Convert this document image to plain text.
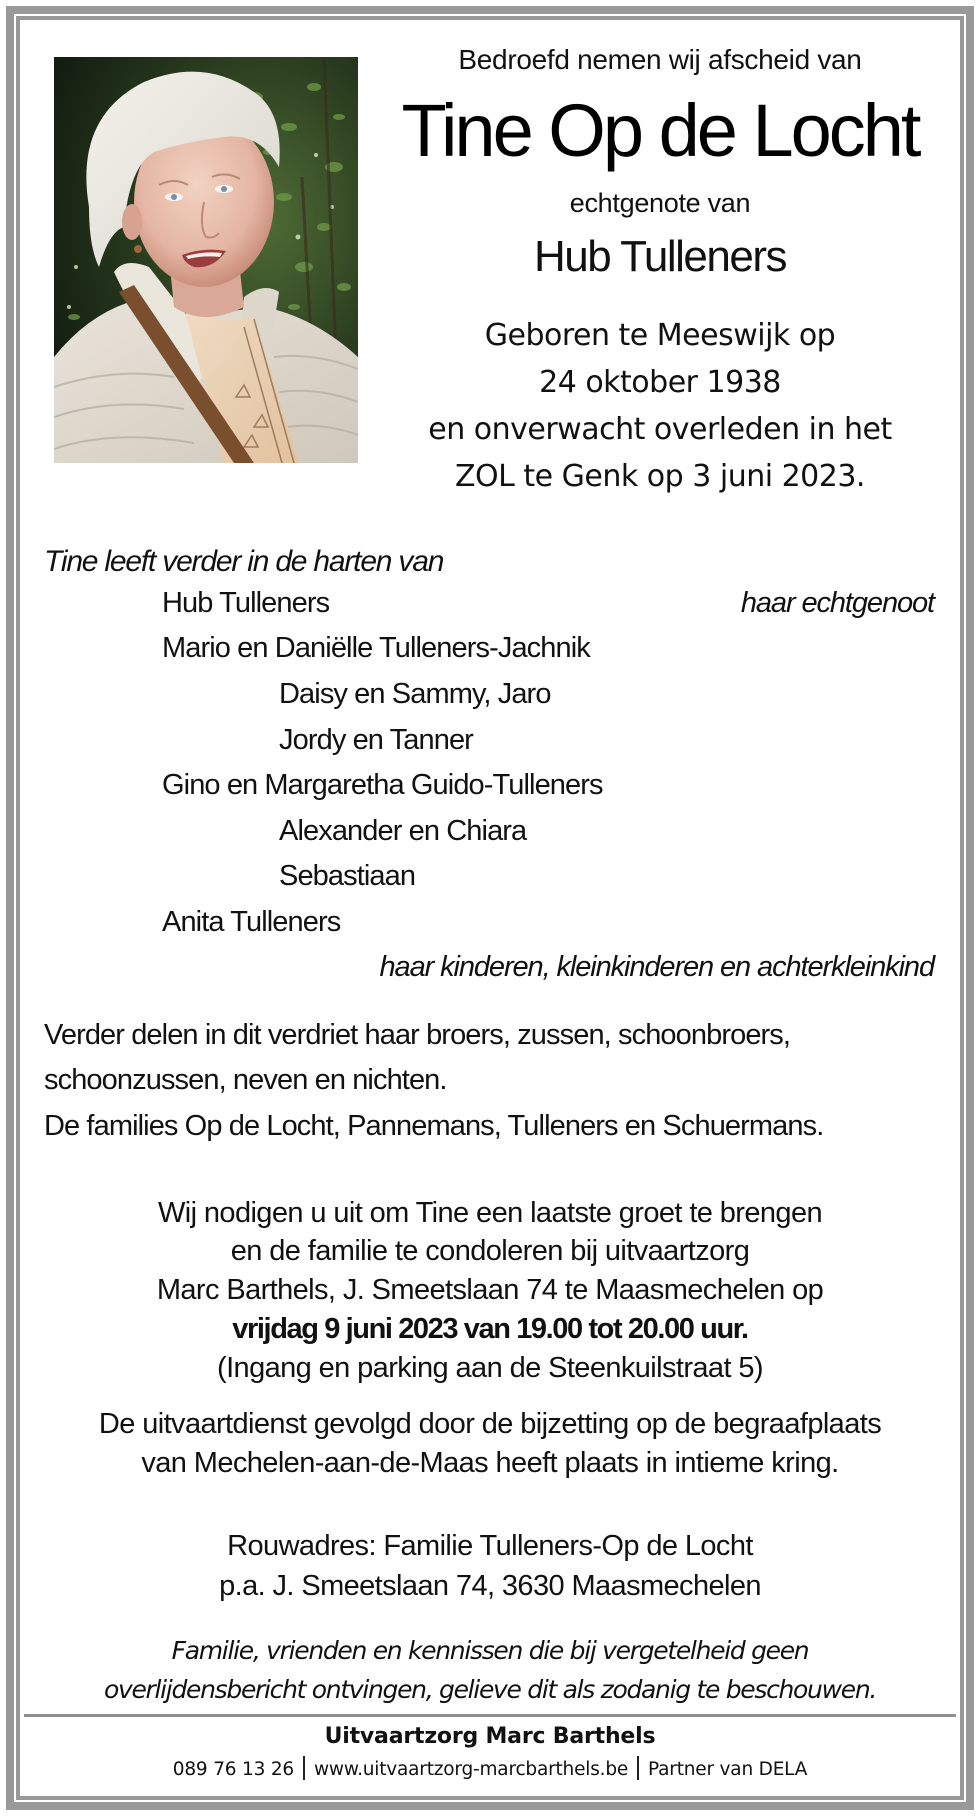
Bedroefd nemen wij afscheid van
Tine Op de Locht
echtgenote van
Hub Tulleners
Geboren te Meeswijk op
24 oktober 1938
en onverwacht overleden in het
ZOL te Genk op 3 juni 2023.
Tine leeft verder in de harten van
Hub Tulleners	haar echtgenoot
Mario en Daniëlle Tulleners-Jachnik
Daisy en Sammy, Jaro
Jordy en Tanner
Gino en Margaretha Guido-Tulleners
Alexander en Chiara
Sebastiaan
Anita Tulleners
haar kinderen, kleinkinderen en achterkleinkind
Verder delen in dit verdriet haar broers, zussen, schoonbroers,
schoonzussen, neven en nichten.
De families Op de Locht, Pannemans, Tulleners en Schuermans.
Wij nodigen u uit om Tine een laatste groet te brengen
en de familie te condoleren bij uitvaartzorg
Marc Barthels, J. Smeetslaan 74 te Maasmechelen op
vrijdag 9 juni 2023 van 19.00 tot 20.00 uur.
(Ingang en parking aan de Steenkuilstraat 5)
De uitvaartdienst gevolgd door de bijzetting op de begraafplaats
van Mechelen-aan-de-Maas heeft plaats in intieme kring.
Rouwadres: Familie Tulleners-Op de Locht
p.a. J. Smeetslaan 74, 3630 Maasmechelen
Familie, vrienden en kennissen die bij vergetelheid geen
overlijdensbericht ontvingen, gelieve dit als zodanig te beschouwen.
Uitvaartzorg Marc Barthels
089 76 13 26 www.uitvaartzorg-marcbarthels.be Partner van DELA
